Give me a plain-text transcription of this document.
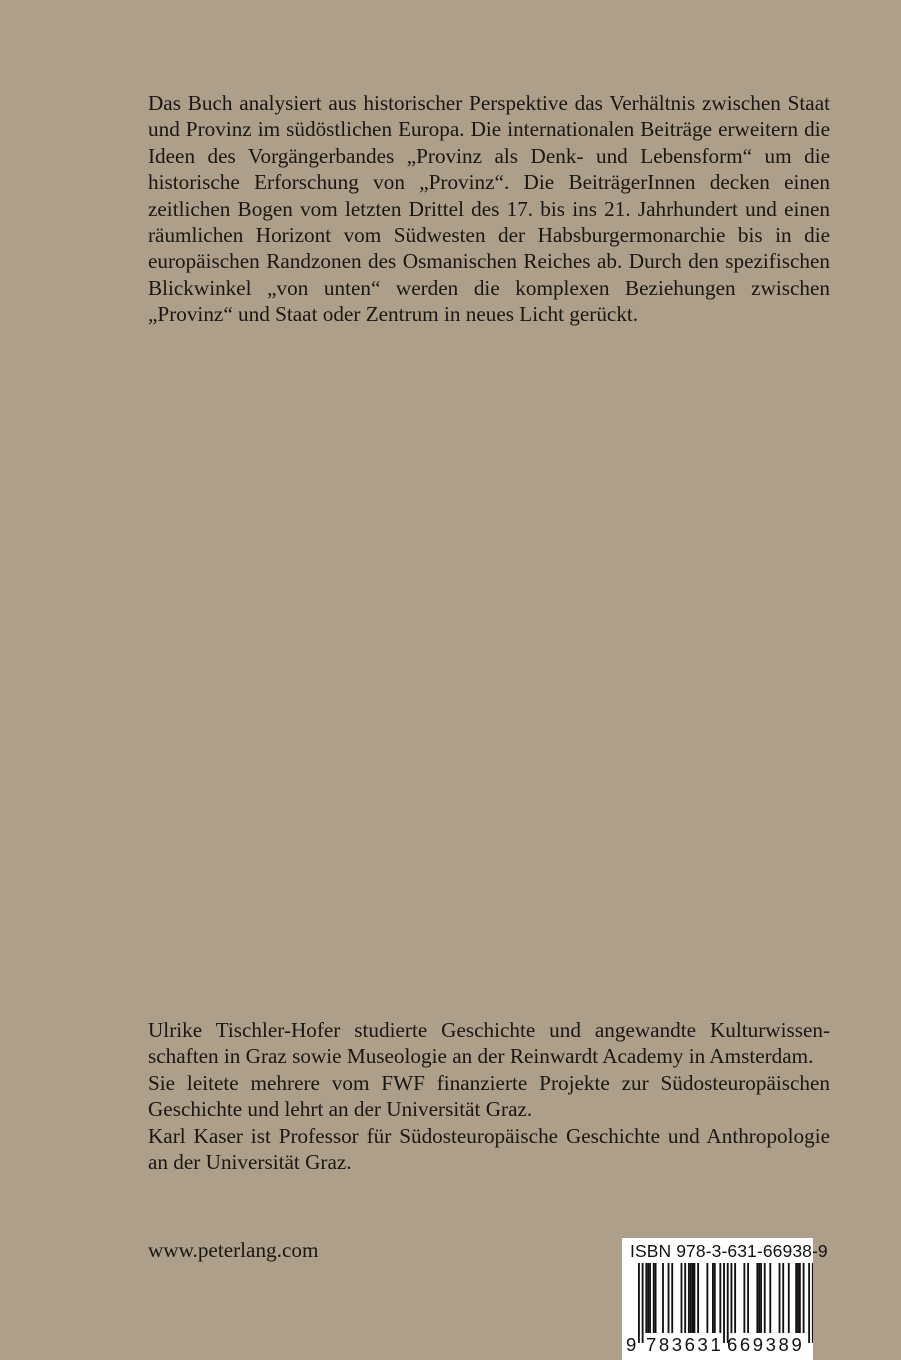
Das Buch analysiert aus historischer Perspektive das Verhältnis zwischen Staat und Provinz im südöstlichen Europa. Die internationalen Beiträge erweitern die Ideen des Vorgängerbandes „Provinz als Denk- und Lebensform“ um die historische Erforschung von „Provinz“. Die BeiträgerInnen decken einen zeitlichen Bogen vom letzten Drittel des 17. bis ins 21. Jahrhundert und einen räumlichen Horizont vom Südwesten der Habsburgermonarchie bis in die europäischen Randzonen des Osmanischen Reiches ab. Durch den spezifischen Blickwinkel „von unten“ werden die komplexen Beziehungen zwischen „Provinz“ und Staat oder Zentrum in neues Licht gerückt.

Ulrike Tischler-Hofer studierte Geschichte und angewandte Kulturwissen-
schaften in Graz sowie Museologie an der Reinwardt Academy in Amsterdam.
Sie leitete mehrere vom FWF finanzierte Projekte zur Südosteuropäischen
Geschichte und lehrt an der Universität Graz.
Karl Kaser ist Professor für Südosteuropäische Geschichte und Anthropologie
an der Universität Graz.
www.peterlang.com	ISBN 978-3-631-66938-9
9 783631 669389
